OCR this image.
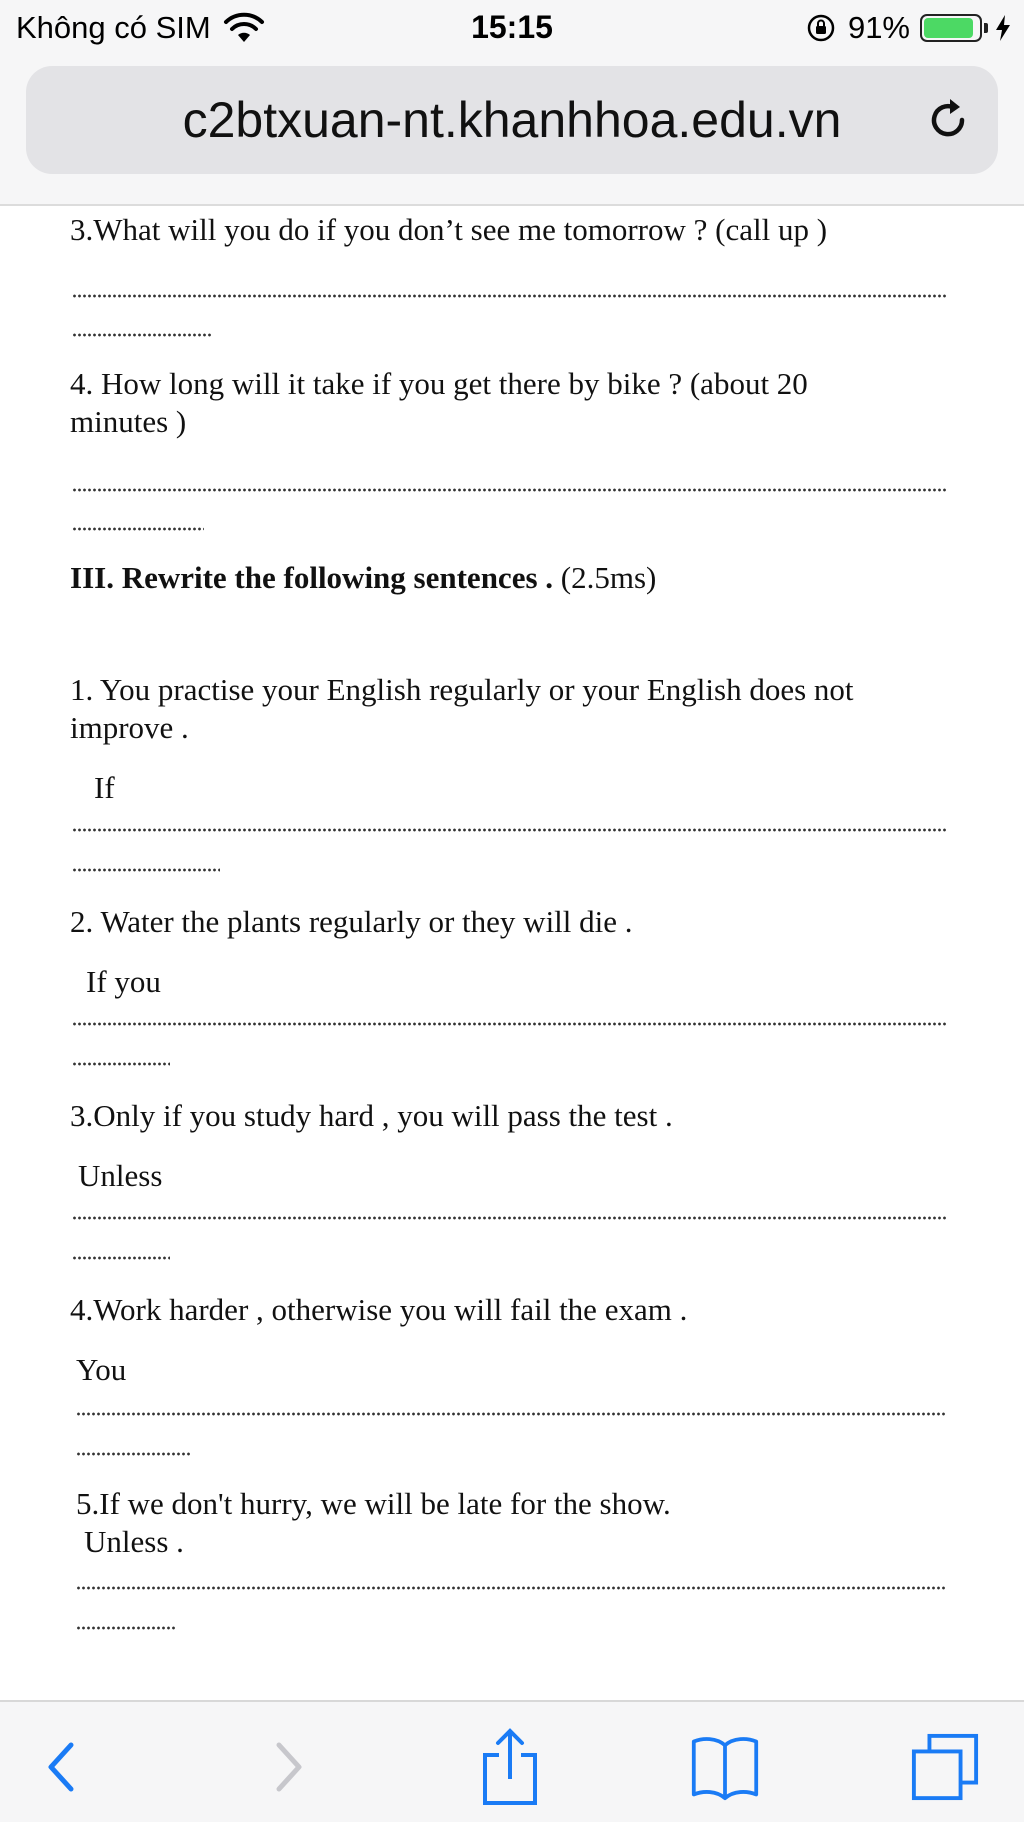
Không có SIM	15:15	91%
c2btxuan-nt.khanhhoa.edu.vn
3.What will you do if you don’t see me tomorrow ? (call up )
4. How long will it take if you get there by bike ? (about 20
minutes )
III. Rewrite the following sentences . (2.5ms)
1. You practise your English regularly or your English does not
improve .
If
2. Water the plants regularly or they will die .
If you
3.Only if you study hard , you will pass the test .
Unless
4.Work harder , otherwise you will fail the exam .
You
5.If we don't hurry, we will be late for the show.
Unless .
